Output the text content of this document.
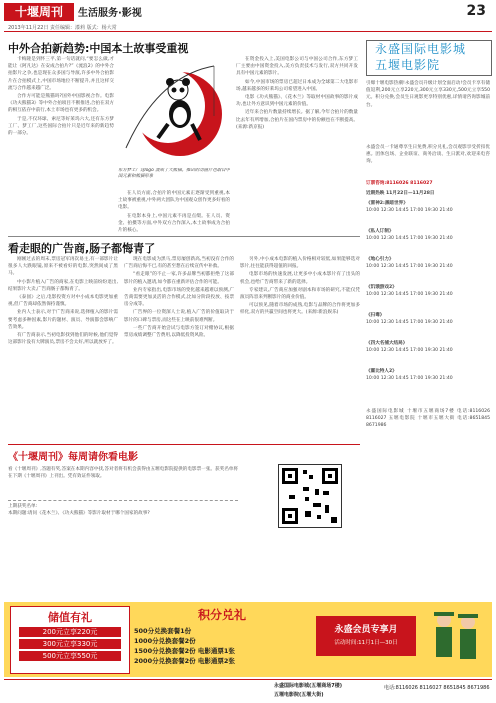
十堰周刊	生活服务·影视
2013年11月22日 责任编辑：漆莉 版式：杨大常
23
中外合拍新趋势:中国本土故事受重视

卡梅隆是到怀三平,第一句话就问,“要怎么做,才能让《阿凡达》在安成合拍片?”《流浪2》的中外合拍影片之争,也是现在众多国与导演,许多中外合拍影片在合拍模式上,中国市场地位不断提升,并且这样交流与合作越来越广泛。

合作方可能是熊猫吗?国外中国影视合作。电影《功夫熊猫3》等中外合拍项目不断推进,合拍在双方的相互依存中前行,本土市场也有更多的机会。

于是,不仅环球、索尼等好莱坞六大,还有东方梦工厂、梦工厂,这些国际合拍片只是近年来的新趋势的一部分。

东方梦工厂这logo 流成了大熊猫。推出的动画片也取自中国元素和熊猫形象

在人员方面,合拍片的中国元素正逐渐受到重视,本土故事被重视,中外两大团队为中国观众创作更多好看的电影。

在电影本身上,中国元素不再是点缀。在人员、资金、拍摄等方面,中外双方合作深入,本土故事成为合拍片的核心。

在资金投入上,美国电影公司与中国公司合作,东方梦工厂主要由中国资金投入,美方负责技术与发行,双方共同开发具有中国元素的影片。

如今,中国市场的票房已超过日本成为全球第二大电影市场,越来越多的好莱坞公司希望进入中国。

电影《功夫熊猫》、《花木兰》等取材中国故事的影片成功,也让外方意识到中国元素的价值。

近年来合拍片数量持续增长。据了解,今年合拍片的数量比去年有所增加,合拍片在国内票房中的份额也在不断提高。(来源:新京报)

看走眼的广告商,肠子都悔青了

刚刚过去的周末,票房冠军再次易主,有一部影片让很多人大跌眼镜,原来不被看好的电影,突然间成了黑马。

中小影片植入广告的商家,在电影上映前纷纷退出,结果影片大卖,广告商肠子都悔青了。

《泰囧》之后,电影投资方对中小成本电影更加重视,但广告商却依然保持谨慎。

业内人士表示,对于广告商来说,选择植入的影片需要考虑多种因素,影片的题材、演员、导演都会影响广告效果。

有广告商表示,当初电影找到他们的时候,他们觉得这部影片没有大牌演员,票房不会太好,所以就放弃了。

现在电影成为黑马,票房屡创新高,当初没有合作的广告商后悔不已,有的甚至想在后续宣传中补救。

“看走眼”的不止一家,许多品牌当初都拒绝了这部影片的植入邀请,如今都在重新评估合作的可能。

业内专家指出,电影市场的变化越来越难以预测,广告商需要更加灵活的合作模式,比如分阶段投放、按票房分成等。

广告界的一位资深人士说,植入广告的价值取决于影片的口碑与票房,而这些在上映前很难判断。

一些广告商开始尝试与电影方签订对赌协议,根据票房成绩调整广告费用,以降低投资风险。

另外,中小成本电影的植入价格相对较低,如果能够选对影片,往往能获得超值的回报。

电影市场的快速发展,让更多中小成本影片有了出头的机会,也给广告商带来了新的选择。

专家建议,广告商应加强对剧本和市场的研究,不能仅凭演员阵容来判断影片的商业价值。

可以预见,随着市场的成熟,电影与品牌的合作将更加多样化,双方的共赢空间也将更大。(来源:新浪娱乐)

《十堰周刊》每周请你看电影
看《十堰周刊》,答题有奖,答案在本期内容中找,答对者将有机会获得由五堰电影院提供的电影票一张。获奖名单将在下期《十堰周刊》上刊出。凭有效证件领取。
上期获奖名单:
本期问题:请问《花木兰》、《功夫熊猫》等影片取材于哪个国家的故事?
永盛国际电影城
五堰电影院
引爆十堰电影热潮!永盛会员升级计划全面启动!会员卡享有储值返利,200元立享220元,300元立享330元,500元立享550元。积分兑换,会员生日观影更享特别优惠,详情请咨询影城前台。
永盛会员一卡通尊享生日免费,积分兑礼,会员观影享受折扣优惠。团体包场、企业联谊、商务洽谈、生日派对,欢迎来电咨询。
订票咨询:8116026 8116027
近期热映 11月22日—11月28日
《雷神2:黑暗世界》
10:00 12:30 14:45 17:00 19:30 21:40
《私人订制》
10:00 12:30 14:45 17:00 19:30 21:40
《地心引力》
10:00 12:30 14:45 17:00 19:30 21:40
《饥饿游戏2》
10:00 12:30 14:45 17:00 19:30 21:40
《扫毒》
10:00 12:30 14:45 17:00 19:30 21:40
《四大名捕大结局》
10:00 12:30 14:45 17:00 19:30 21:40
《霍比特人2》
10:00 12:30 14:45 17:00 19:30 21:40
永盛国际电影城 十堰市五堰商场7楼 电话:8116026 8116027 五堰电影院 十堰市五堰大街 电话:8651845 8671986
储值有礼
200元立享220元
300元立享330元
500元立享550元
积分兑礼
500分兑换套餐1份
1000分兑换套餐2份
1500分兑换套餐2份 电影通票1张
2000分兑换套餐2份 电影通票2张
永盛会员专享月
活动时间:11月1日—30日
永盛国际电影城(五堰商场7楼)
五堰电影院(五堰大街)
电话:8116026 8116027 8651845 8671986
